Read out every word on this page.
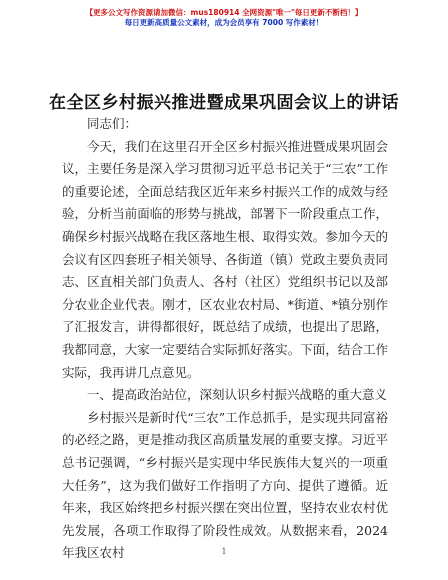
【更多公文写作资源请加微信：mus180914 全网资源"唯一"每日更新不断档！】
每日更新高质量公文素材，成为会员享有 7000 写作素材！
在全区乡村振兴推进暨成果巩固会议上的讲话

同志们：

今天，我们在这里召开全区乡村振兴推进暨成果巩固会议，主要任务是深入学习贯彻习近平总书记关于“三农”工作的重要论述，全面总结我区近年来乡村振兴工作的成效与经验，分析当前面临的形势与挑战，部署下一阶段重点工作，确保乡村振兴战略在我区落地生根、取得实效。参加今天的会议有区四套班子相关领导、各街道（镇）党政主要负责同志、区直相关部门负责人、各村（社区）党组织书记以及部分农业企业代表。刚才，区农业农村局、*街道、*镇分别作了汇报发言，讲得都很好，既总结了成绩，也提出了思路，我都同意，大家一定要结合实际抓好落实。下面，结合工作实际，我再讲几点意见。

一、提高政治站位，深刻认识乡村振兴战略的重大意义

乡村振兴是新时代“三农”工作总抓手，是实现共同富裕的必经之路，更是推动我区高质量发展的重要支撑。习近平总书记强调，“乡村振兴是实现中华民族伟大复兴的一项重大任务”，这为我们做好工作指明了方向、提供了遵循。近年来，我区始终把乡村振兴摆在突出位置，坚持农业农村优先发展，各项工作取得了阶段性成效。从数据来看，2024 年我区农村	1
